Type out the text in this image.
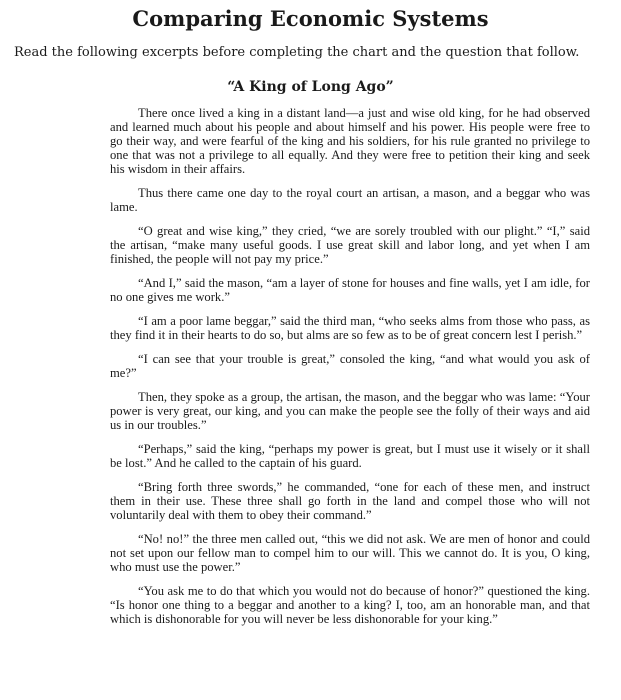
Comparing Economic Systems
Read the following excerpts before completing the chart and the question that follow.
“A King of Long Ago”

There once lived a king in a distant land—a just and wise old king, for he had observed and learned much about his people and about himself and his power. His people were free to go their way, and were fearful of the king and his soldiers, for his rule granted no privilege to one that was not a privilege to all equally. And they were free to petition their king and seek his wisdom in their affairs.

Thus there came one day to the royal court an artisan, a mason, and a beggar who was lame.

“O great and wise king,” they cried, “we are sorely troubled with our plight.” “I,” said the artisan, “make many useful goods. I use great skill and labor long, and yet when I am finished, the people will not pay my price.”

“And I,” said the mason, “am a layer of stone for houses and fine walls, yet I am idle, for no one gives me work.”

“I am a poor lame beggar,” said the third man, “who seeks alms from those who pass, as they find it in their hearts to do so, but alms are so few as to be of great concern lest I perish.”

“I can see that your trouble is great,” consoled the king, “and what would you ask of me?”

Then, they spoke as a group, the artisan, the mason, and the beggar who was lame: “Your power is very great, our king, and you can make the people see the folly of their ways and aid us in our troubles.”

“Perhaps,” said the king, “perhaps my power is great, but I must use it wisely or it shall be lost.” And he called to the captain of his guard.

“Bring forth three swords,” he commanded, “one for each of these men, and instruct them in their use. These three shall go forth in the land and compel those who will not voluntarily deal with them to obey their command.”

“No! no!” the three men called out, “this we did not ask. We are men of honor and could not set upon our fellow man to compel him to our will. This we cannot do. It is you, O king, who must use the power.”

“You ask me to do that which you would not do because of honor?” questioned the king. “Is honor one thing to a beggar and another to a king? I, too, am an honorable man, and that which is dishonorable for you will never be less dishonorable for your king.”
